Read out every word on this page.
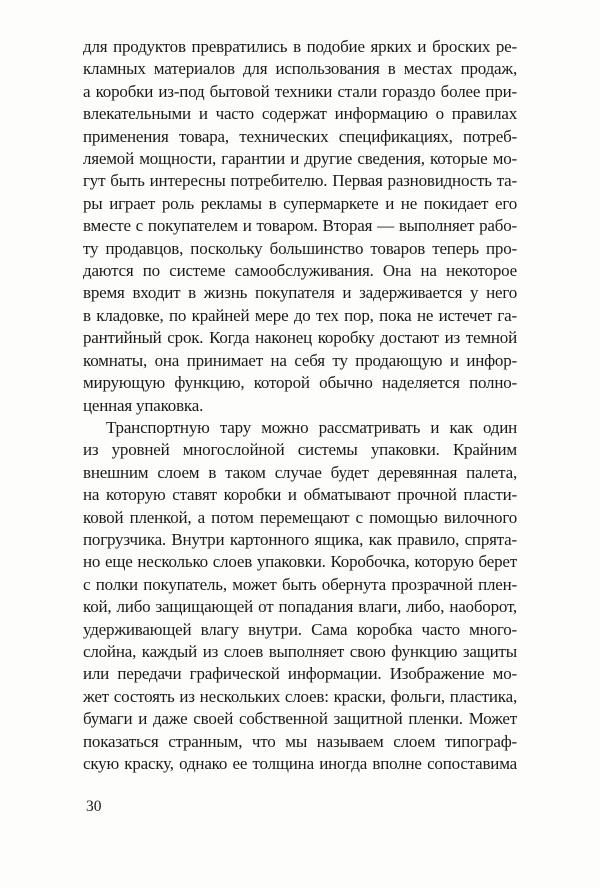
для продуктов превратились в подобие ярких и броских ре-
кламных материалов для использования в местах продаж,
а коробки из-под бытовой техники стали гораздо более при-
влекательными и часто содержат информацию о правилах
применения товара, технических спецификациях, потреб-
ляемой мощности, гарантии и другие сведения, которые мо-
гут быть интересны потребителю. Первая разновидность та-
ры играет роль рекламы в супермаркете и не покидает его
вместе с покупателем и товаром. Вторая — выполняет рабо-
ту продавцов, поскольку большинство товаров теперь про-
даются по системе самообслуживания. Она на некоторое
время входит в жизнь покупателя и задерживается у него
в кладовке, по крайней мере до тех пор, пока не истечет га-
рантийный срок. Когда наконец коробку достают из темной
комнаты, она принимает на себя ту продающую и инфор-
мирующую функцию, которой обычно наделяется полно-
ценная упаковка.
Транспортную тару можно рассматривать и как один
из уровней многослойной системы упаковки. Крайним
внешним слоем в таком случае будет деревянная палета,
на которую ставят коробки и обматывают прочной пласти-
ковой пленкой, а потом перемещают с помощью вилочного
погрузчика. Внутри картонного ящика, как правило, спрята-
но еще несколько слоев упаковки. Коробочка, которую берет
с полки покупатель, может быть обернута прозрачной плен-
кой, либо защищающей от попадания влаги, либо, наоборот,
удерживающей влагу внутри. Сама коробка часто много-
слойна, каждый из слоев выполняет свою функцию защиты
или передачи графической информации. Изображение мо-
жет состоять из нескольких слоев: краски, фольги, пластика,
бумаги и даже своей собственной защитной пленки. Может
показаться странным, что мы называем слоем типограф-
скую краску, однако ее толщина иногда вполне сопоставима
30
